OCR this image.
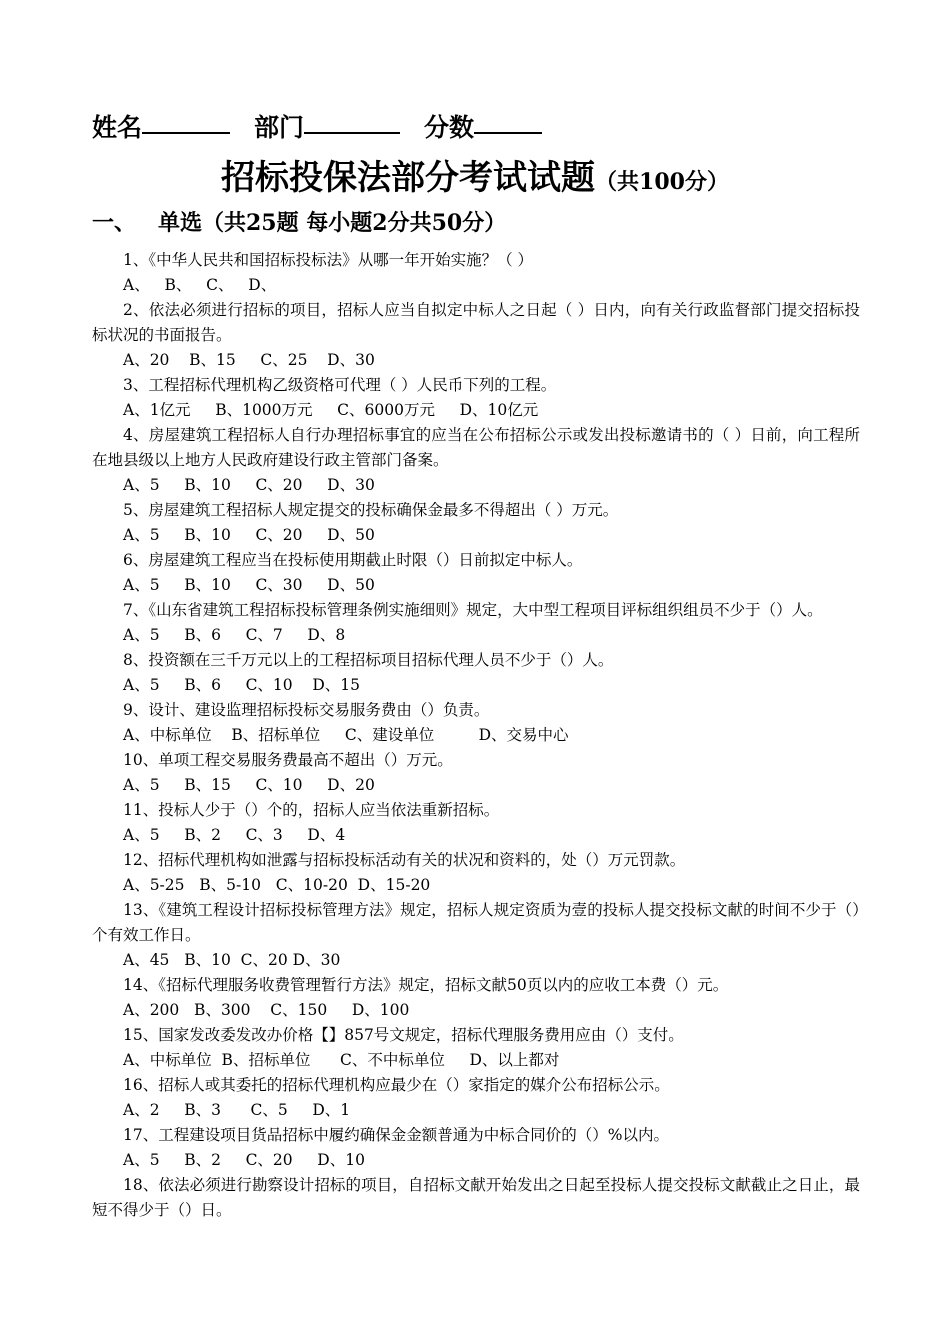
姓名	部门	分数
招标投保法部分考试试题（共100分）
一、 单选（共25题 每小题2分共50分）

1、《中华人民共和国招标投标法》从哪一年开始实施？（ ）

A、   B、   C、   D、

2、依法必须进行招标的项目，招标人应当自拟定中标人之日起（ ）日内，向有关行政监督部门提交招标投标状况的书面报告。

A、20    B、15     C、25    D、30

3、工程招标代理机构乙级资格可代理（ ）人民币下列的工程。

A、1亿元     B、1000万元     C、6000万元     D、10亿元

4、房屋建筑工程招标人自行办理招标事宜的应当在公布招标公示或发出投标邀请书的（ ）日前，向工程所在地县级以上地方人民政府建设行政主管部门备案。

A、5     B、10     C、20     D、30

5、房屋建筑工程招标人规定提交的投标确保金最多不得超出（ ）万元。

A、5     B、10     C、20     D、50

6、房屋建筑工程应当在投标使用期截止时限（）日前拟定中标人。

A、5     B、10     C、30     D、50

7、《山东省建筑工程招标投标管理条例实施细则》规定，大中型工程项目评标组织组员不少于（）人。

A、5     B、6     C、7     D、8

8、投资额在三千万元以上的工程招标项目招标代理人员不少于（）人。

A、5     B、6     C、10    D、15

9、设计、建设监理招标投标交易服务费由（）负责。

A、中标单位    B、招标单位     C、建设单位         D、交易中心

10、单项工程交易服务费最高不超出（）万元。

A、5     B、15     C、10     D、20

11、投标人少于（）个的，招标人应当依法重新招标。

A、5     B、2     C、3     D、4

12、招标代理机构如泄露与招标投标活动有关的状况和资料的，处（）万元罚款。

A、5-25   B、5-10   C、10-20  D、15-20

13、《建筑工程设计招标投标管理方法》规定，招标人规定资质为壹的投标人提交投标文献的时间不少于（）个有效工作日。

A、45   B、10  C、20 D、30

14、《招标代理服务收费管理暂行方法》规定，招标文献50页以内的应收工本费（）元。

A、200   B、300    C、150     D、100

15、国家发改委发改办价格【】857号文规定，招标代理服务费用应由（）支付。

A、中标单位  B、招标单位      C、不中标单位     D、以上都对

16、招标人或其委托的招标代理机构应最少在（）家指定的媒介公布招标公示。

A、2     B、3      C、5     D、1

17、工程建设项目货品招标中履约确保金金额普通为中标合同价的（）%以内。

A、5     B、2     C、20     D、10

18、依法必须进行勘察设计招标的项目，自招标文献开始发出之日起至投标人提交投标文献截止之日止，最短不得少于（）日。
